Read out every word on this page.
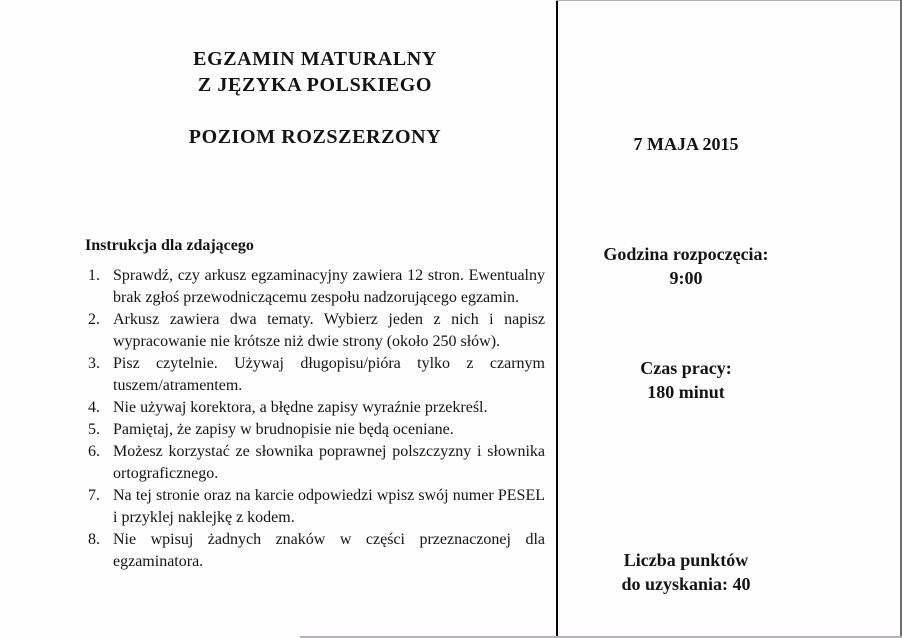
EGZAMIN MATURALNY
Z JĘZYKA POLSKIEGO
POZIOM ROZSZERZONY
Instrukcja dla zdającego
1. Sprawdź, czy arkusz egzaminacyjny zawiera 12 stron. Ewentualny brak zgłoś przewodniczącemu zespołu nadzorującego egzamin.
2. Arkusz zawiera dwa tematy. Wybierz jeden z nich i napisz wypracowanie nie krótsze niż dwie strony (około 250 słów).
3. Pisz czytelnie. Używaj długopisu/pióra tylko z czarnym tuszem/atramentem.
4. Nie używaj korektora, a błędne zapisy wyraźnie przekreśl.
5. Pamiętaj, że zapisy w brudnopisie nie będą oceniane.
6. Możesz korzystać ze słownika poprawnej polszczyzny i słownika ortograficznego.
7. Na tej stronie oraz na karcie odpowiedzi wpisz swój numer PESEL i przyklej naklejkę z kodem.
8. Nie wpisuj żadnych znaków w części przeznaczonej dla egzaminatora.
7 MAJA 2015
Godzina rozpoczęcia:
9:00
Czas pracy:
180 minut
Liczba punktów
do uzyskania: 40
